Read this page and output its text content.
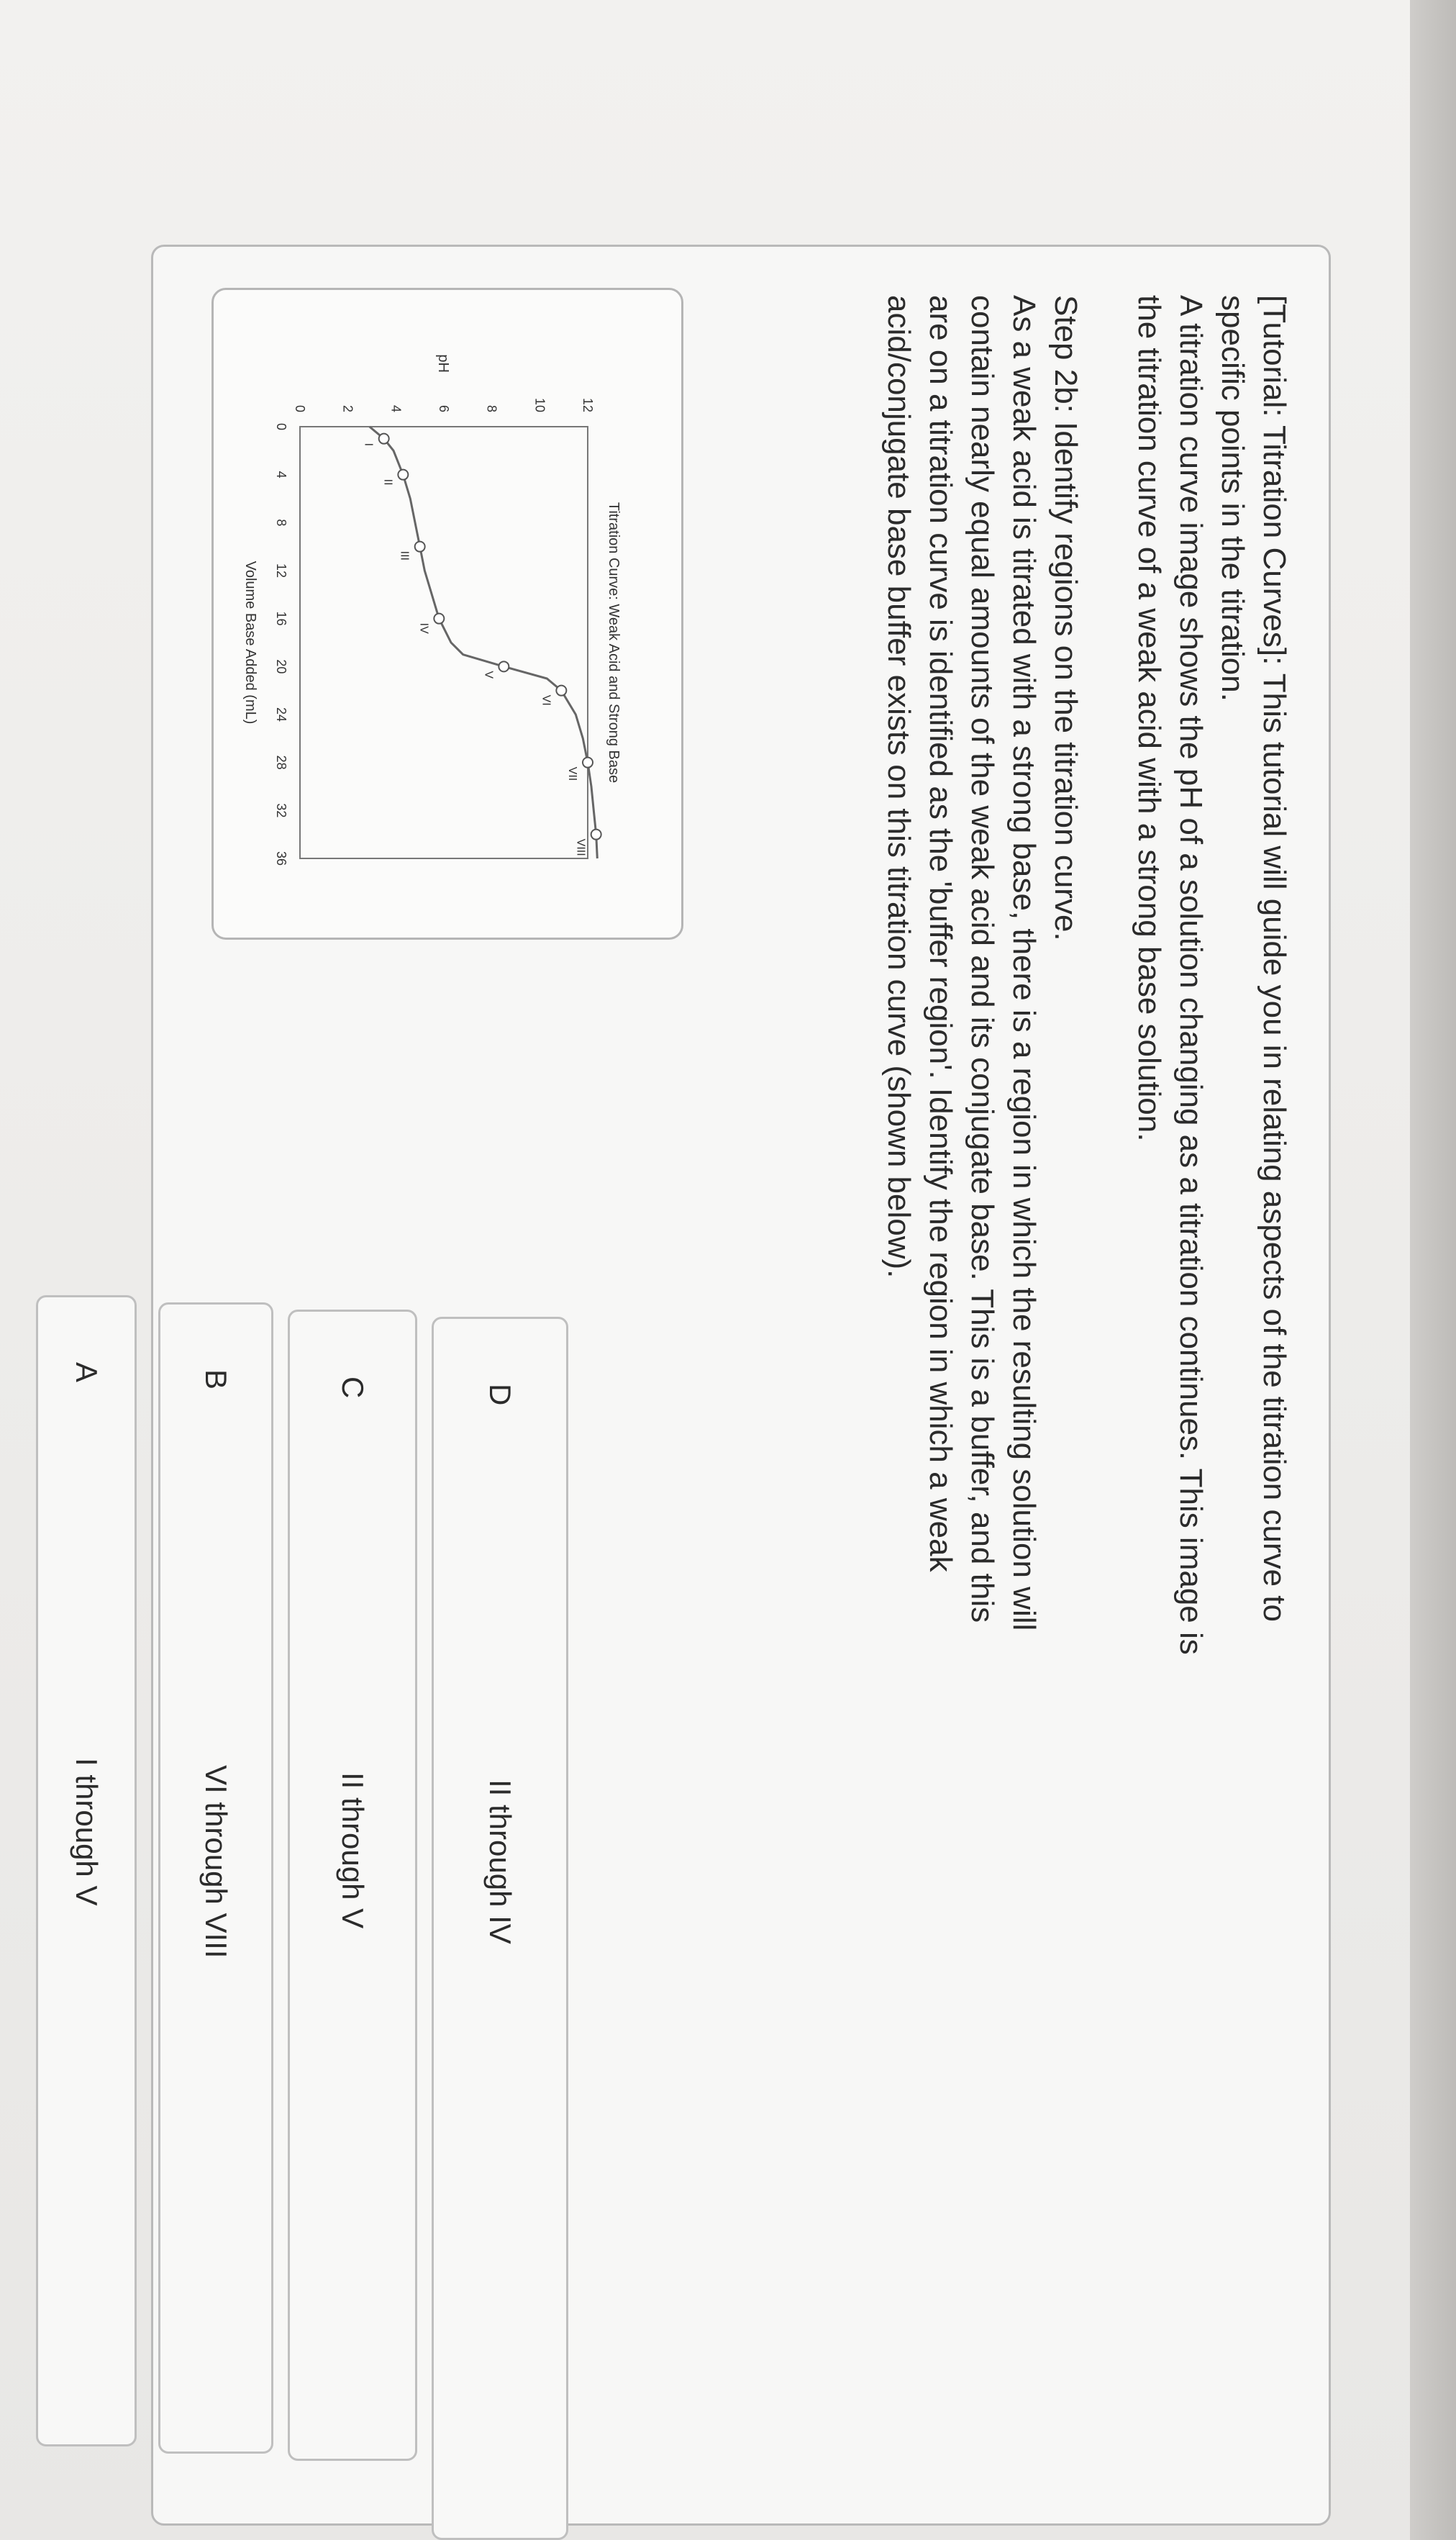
[Tutorial: Titration Curves]: This tutorial will guide you in relating aspects of the titration curve to specific points in the titration.

A titration curve image shows the pH of a solution changing as a titration continues. This image is the titration curve of a weak acid with a strong base solution.

Step 2b: Identify regions on the titration curve.

As a weak acid is titrated with a strong base, there is a region in which the resulting solution will contain nearly equal amounts of the weak acid and its conjugate base. This is a buffer, and this are on a titration curve is identified as the 'buffer region'. Identify the region in which a weak acid/conjugate base buffer exists on this titration curve (shown below).

Titration Curve: Weak Acid and Strong Base
Volume Base Added (mL)
pH
0
4
8
12
16
20
24
28
32
36
0	2	4	6	8	10	12
I
II
III
IV
V
VI
VII
VIII
A
I through V
B
VI through VIII
C
II through V
D
II through IV
